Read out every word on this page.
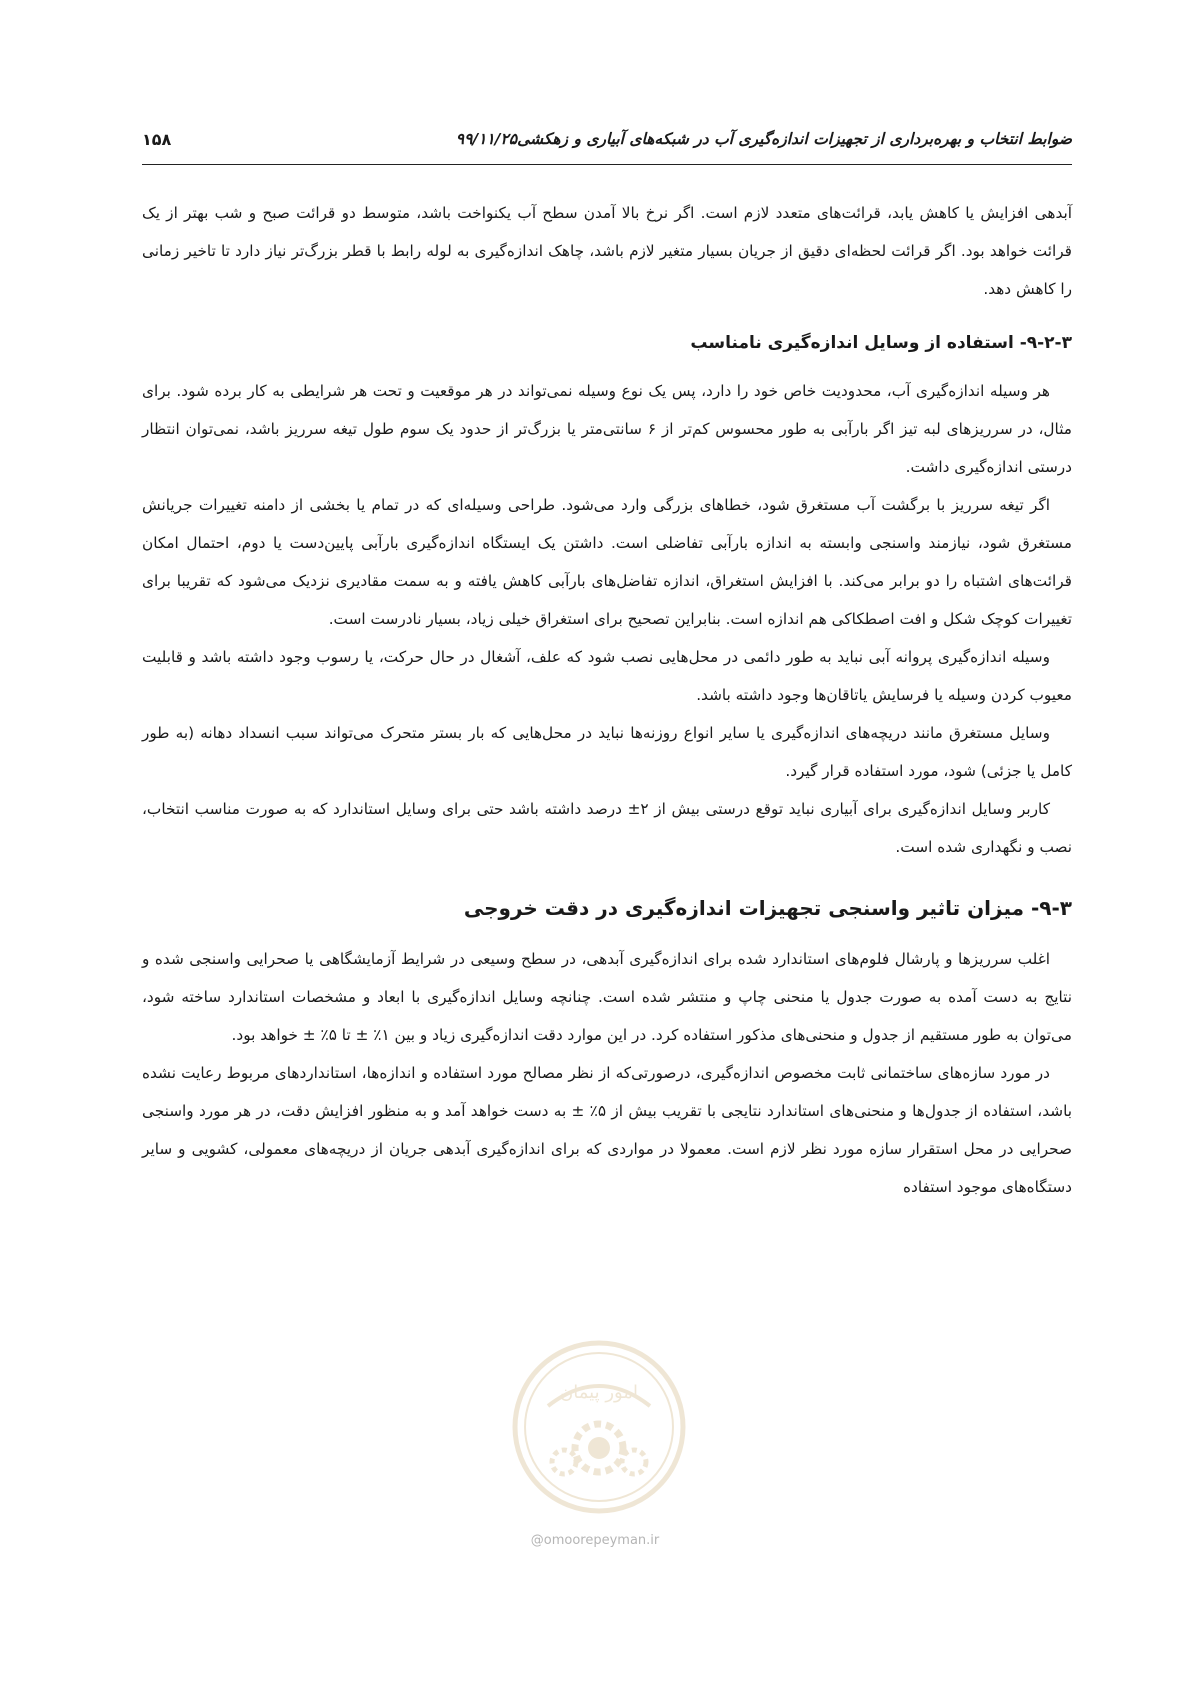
ضوابط انتخاب و بهره‌برداری از تجهیزات اندازه‌گیری آب در شبکه‌های آبیاری و زهکشی۹۹/۱۱/۲۵
۱۵۸

آبدهی افزایش یا کاهش یابد، قرائت‌های متعدد لازم است. اگر نرخ بالا آمدن سطح آب یکنواخت باشد، متوسط دو قرائت صبح و شب بهتر از یک قرائت خواهد بود. اگر قرائت لحظه‌ای دقیق از جریان بسیار متغیر لازم باشد، چاهک اندازه‌گیری به لوله رابط با قطر بزرگ‌تر نیاز دارد تا تاخیر زمانی را کاهش دهد.

۹-۲-۳- استفاده از وسایل اندازه‌گیری نامناسب

هر وسیله اندازه‌گیری آب، محدودیت خاص خود را دارد، پس یک نوع وسیله نمی‌تواند در هر موقعیت و تحت هر شرایطی به کار برده شود. برای مثال، در سرریزهای لبه تیز اگر بارآبی به طور محسوس کم‌تر از ۶ سانتی‌متر یا بزرگ‌تر از حدود یک سوم طول تیغه سرریز باشد، نمی‌توان انتظار درستی اندازه‌گیری داشت.

اگر تیغه سرریز با برگشت آب مستغرق شود، خطاهای بزرگی وارد می‌شود. طراحی وسیله‌ای که در تمام یا بخشی از دامنه تغییرات جریانش مستغرق شود، نیازمند واسنجی وابسته به اندازه بارآبی تفاضلی است. داشتن یک ایستگاه اندازه‌گیری بارآبی پایین‌دست یا دوم، احتمال امکان قرائت‌های اشتباه را دو برابر می‌کند. با افزایش استغراق، اندازه تفاضل‌های بارآبی کاهش یافته و به سمت مقادیری نزدیک می‌شود که تقریبا برای تغییرات کوچک شکل و افت اصطکاکی هم اندازه است. بنابراین تصحیح برای استغراق خیلی زیاد، بسیار نادرست است.

وسیله اندازه‌گیری پروانه آبی نباید به طور دائمی در محل‌هایی نصب شود که علف، آشغال در حال حرکت، یا رسوب وجود داشته باشد و قابلیت معیوب کردن وسیله یا فرسایش یاتاقان‌ها وجود داشته باشد.

وسایل مستغرق مانند دریچه‌های اندازه‌گیری یا سایر انواع روزنه‌ها نباید در محل‌هایی که بار بستر متحرک می‌تواند سبب انسداد دهانه (به طور کامل یا جزئی) شود، مورد استفاده قرار گیرد.

کاربر وسایل اندازه‌گیری برای آبیاری نباید توقع درستی بیش از ۲± درصد داشته باشد حتی برای وسایل استاندارد که به صورت مناسب انتخاب، نصب و نگهداری شده است.

۹-۳- میزان تاثیر واسنجی تجهیزات اندازه‌گیری در دقت خروجی

اغلب سرریزها و پارشال فلوم‌های استاندارد شده برای اندازه‌گیری آبدهی، در سطح وسیعی در شرایط آزمایشگاهی یا صحرایی واسنجی شده و نتایج به دست آمده به صورت جدول یا منحنی چاپ و منتشر شده است. چنانچه وسایل اندازه‌گیری با ابعاد و مشخصات استاندارد ساخته شود، می‌توان به طور مستقیم از جدول و منحنی‌های مذکور استفاده کرد. در این موارد دقت اندازه‌گیری زیاد و بین ۱٪ ± تا ۵٪ ± خواهد بود.

در مورد سازه‌های ساختمانی ثابت مخصوص اندازه‌گیری، درصورتی‌که از نظر مصالح مورد استفاده و اندازه‌ها، استانداردهای مربوط رعایت نشده باشد، استفاده از جدول‌ها و منحنی‌های استاندارد نتایجی با تقریب بیش از ۵٪ ± به دست خواهد آمد و به منظور افزایش دقت، در هر مورد واسنجی صحرایی در محل استقرار سازه مورد نظر لازم است. معمولا در مواردی که برای اندازه‌گیری آبدهی جریان از دریچه‌های معمولی، کشویی و سایر دستگاه‌های موجود استفاده

امور پیمان
@omoorepeyman.ir
